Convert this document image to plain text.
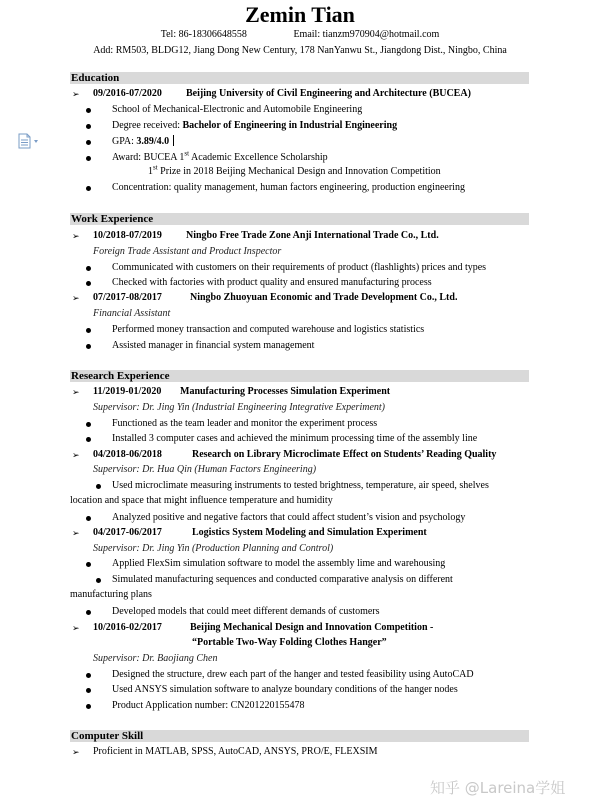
Zemin Tian
Tel: 86-18306648558	Email: tianzm970904@hotmail.com
Add: RM503, BLDG12, Jiang Dong New Century, 178 NanYanwu St., Jiangdong Dist., Ningbo, China
Education
➢ 09/2016-07/2020 Beijing University of Civil Engineering and Architecture (BUCEA)
School of Mechanical-Electronic and Automobile Engineering
Degree received: Bachelor of Engineering in Industrial Engineering
GPA: 3.89/4.0
Award: BUCEA 1st Academic Excellence Scholarship
1st Prize in 2018 Beijing Mechanical Design and Innovation Competition
Concentration: quality management, human factors engineering, production engineering
Work Experience
➢ 10/2018-07/2019 Ningbo Free Trade Zone Anji International Trade Co., Ltd.
Foreign Trade Assistant and Product Inspector
Communicated with customers on their requirements of product (flashlights) prices and types
Checked with factories with product quality and ensured manufacturing process
➢ 07/2017-08/2017	Ningbo Zhuoyuan Economic and Trade Development Co., Ltd.
Financial Assistant
Performed money transaction and computed warehouse and logistics statistics
Assisted manager in financial system management
Research Experience
➢ 11/2019-01/2020 Manufacturing Processes Simulation Experiment
Supervisor: Dr. Jing Yin (Industrial Engineering Integrative Experiment)
Functioned as the team leader and monitor the experiment process
Installed 3 computer cases and achieved the minimum processing time of the assembly line
➢ 04/2018-06/2018	Research on Library Microclimate Effect on Students’ Reading Quality
Supervisor: Dr. Hua Qin (Human Factors Engineering)
Used microclimate measuring instruments to tested brightness, temperature, air speed, shelves
location and space that might influence temperature and humidity
Analyzed positive and negative factors that could affect student’s vision and psychology
➢ 04/2017-06/2017	Logistics System Modeling and Simulation Experiment
Supervisor: Dr. Jing Yin (Production Planning and Control)
Applied FlexSim simulation software to model the assembly lime and warehousing
Simulated manufacturing sequences and conducted comparative analysis on different
manufacturing plans
Developed models that could meet different demands of customers
➢ 10/2016-02/2017	Beijing Mechanical Design and Innovation Competition -
“Portable Two-Way Folding Clothes Hanger”
Supervisor: Dr. Baojiang Chen
Designed the structure, drew each part of the hanger and tested feasibility using AutoCAD
Used ANSYS simulation software to analyze boundary conditions of the hanger nodes
Product Application number: CN201220155478
Computer Skill
➢ Proficient in MATLAB, SPSS, AutoCAD, ANSYS, PRO/E, FLEXSIM
知乎 @Lareina学姐
